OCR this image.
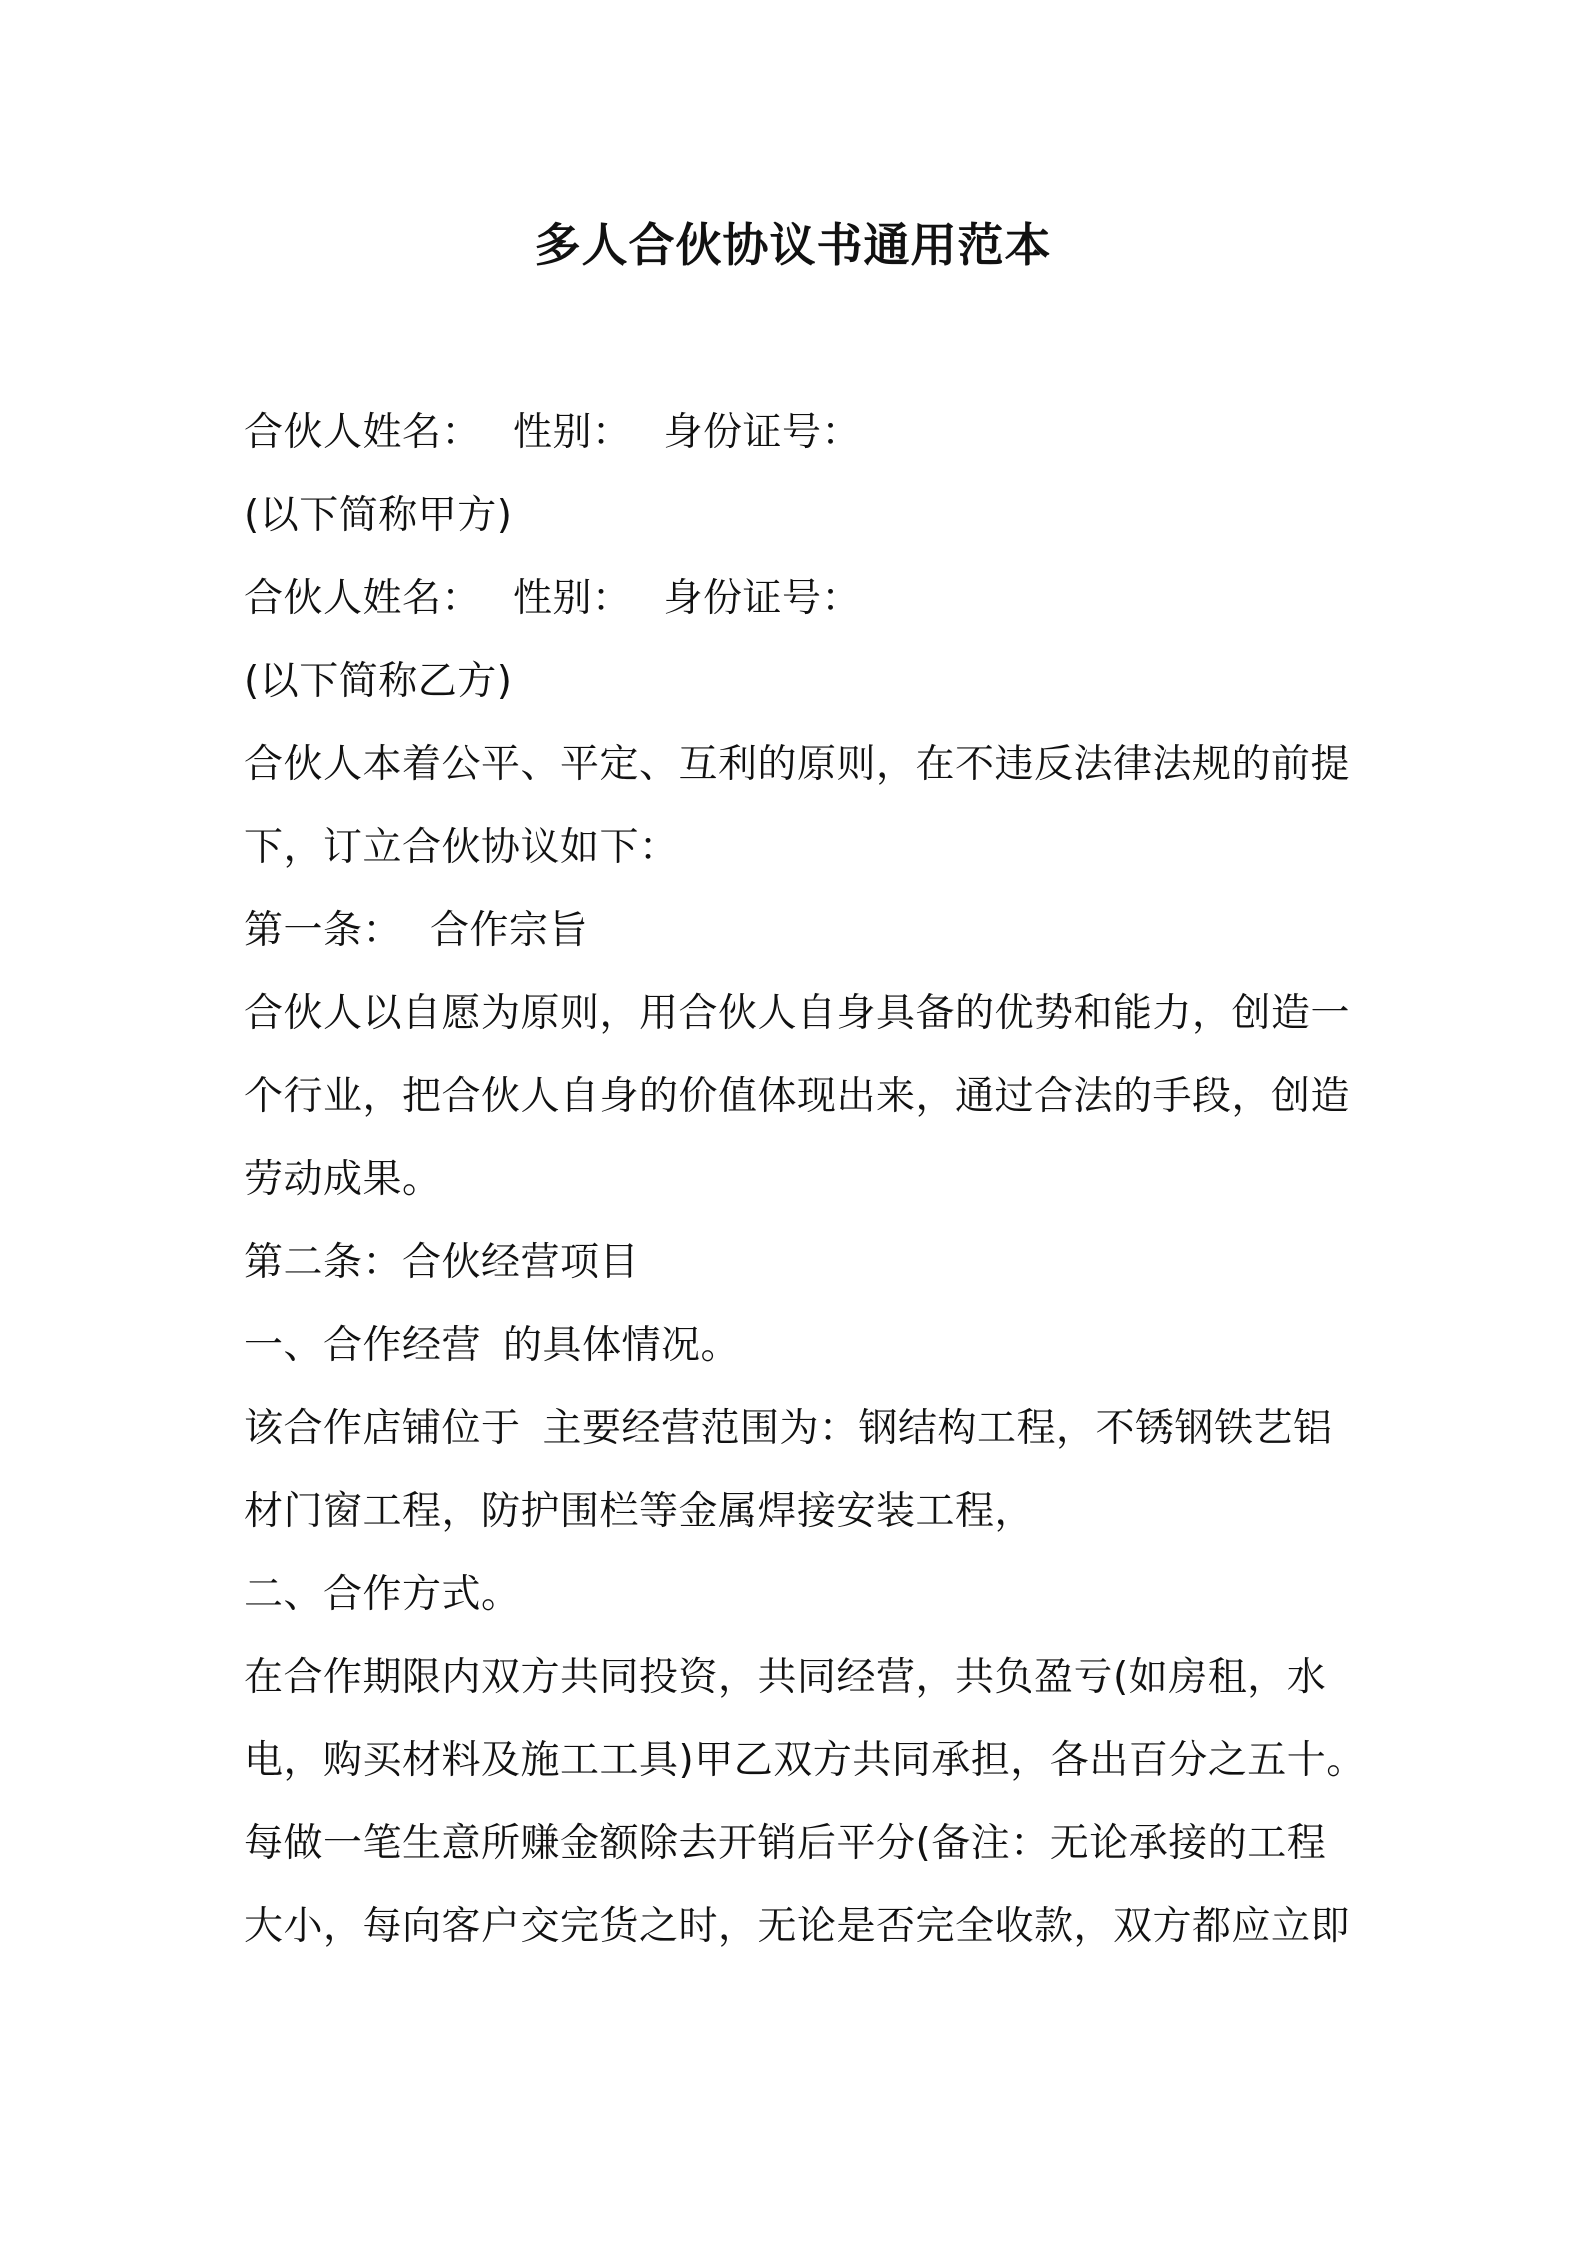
多人合伙协议书通用范本
合伙人姓名： 性别： 身份证号：
(以下简称甲方)
合伙人姓名： 性别： 身份证号：
(以下简称乙方)
合伙人本着公平、平定、互利的原则，在不违反法律法规的前提
下，订立合伙协议如下：
第一条： 合作宗旨
合伙人以自愿为原则，用合伙人自身具备的优势和能力，创造一
个行业，把合伙人自身的价值体现出来，通过合法的手段，创造
劳动成果。
第二条：合伙经营项目
一、合作经营 的具体情况。
该合作店铺位于 主要经营范围为：钢结构工程，不锈钢铁艺铝
材门窗工程，防护围栏等金属焊接安装工程，
二、合作方式。
在合作期限内双方共同投资，共同经营，共负盈亏(如房租，水
电，购买材料及施工工具)甲乙双方共同承担，各出百分之五十。
每做一笔生意所赚金额除去开销后平分(备注：无论承接的工程
大小，每向客户交完货之时，无论是否完全收款，双方都应立即
